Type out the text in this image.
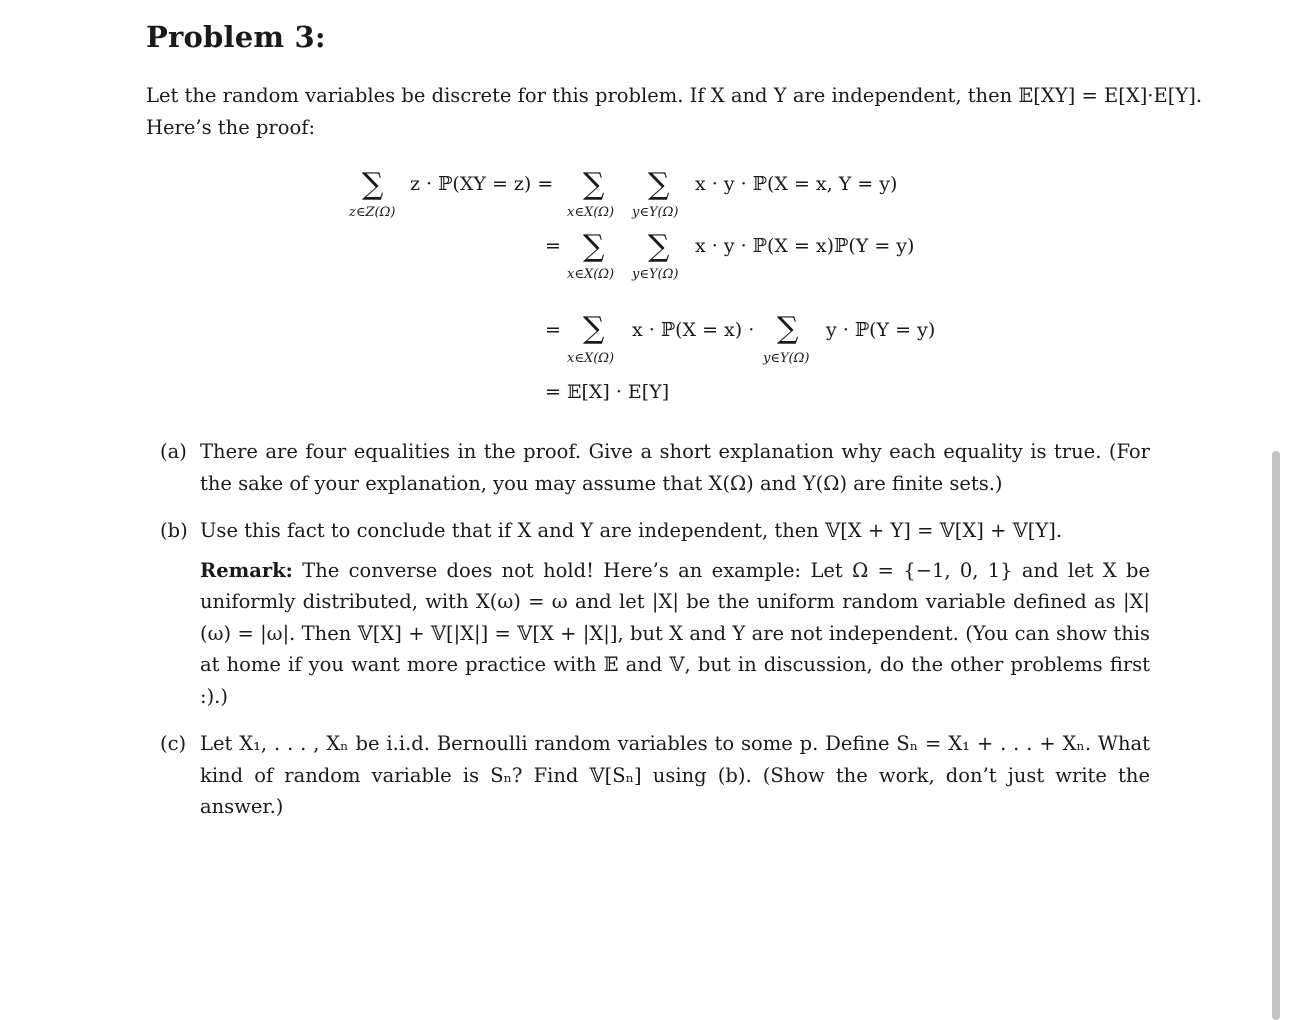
Problem 3:
Let the random variables be discrete for this problem. If X and Y are independent, then 𝔼[XY] = E[X]·E[Y].
Here’s the proof:
∑
z∈Z(Ω)
z · ℙ(XY = z) = ∑ ∑
x∈X(Ω) y∈Y(Ω)
x · y · ℙ(X = x, Y = y)
= ∑ ∑
x∈X(Ω) y∈Y(Ω)
x · y · ℙ(X = x)ℙ(Y = y)
= ∑
x∈X(Ω)
x · ℙ(X = x) · ∑
y∈Y(Ω)
y · ℙ(Y = y)
= 𝔼[X] · E[Y]
(a) There are four equalities in the proof. Give a short explanation why each equality is true. (For the sake of your explanation, you may assume that X(Ω) and Y(Ω) are finite sets.)

(b) Use this fact to conclude that if X and Y are independent, then 𝕍[X + Y] = 𝕍[X] + 𝕍[Y].

Remark: The converse does not hold! Here’s an example: Let Ω = {−1, 0, 1} and let X be uniformly distributed, with X(ω) = ω and let |X| be the uniform random variable defined as |X|(ω) = |ω|. Then 𝕍[X] + 𝕍[|X|] = 𝕍[X + |X|], but X and Y are not independent. (You can show this at home if you want more practice with 𝔼 and 𝕍, but in discussion, do the other problems first :).)

(c) Let X₁, . . . , Xₙ be i.i.d. Bernoulli random variables to some p. Define Sₙ = X₁ + . . . + Xₙ. What kind of random variable is Sₙ? Find 𝕍[Sₙ] using (b). (Show the work, don’t just write the answer.)
